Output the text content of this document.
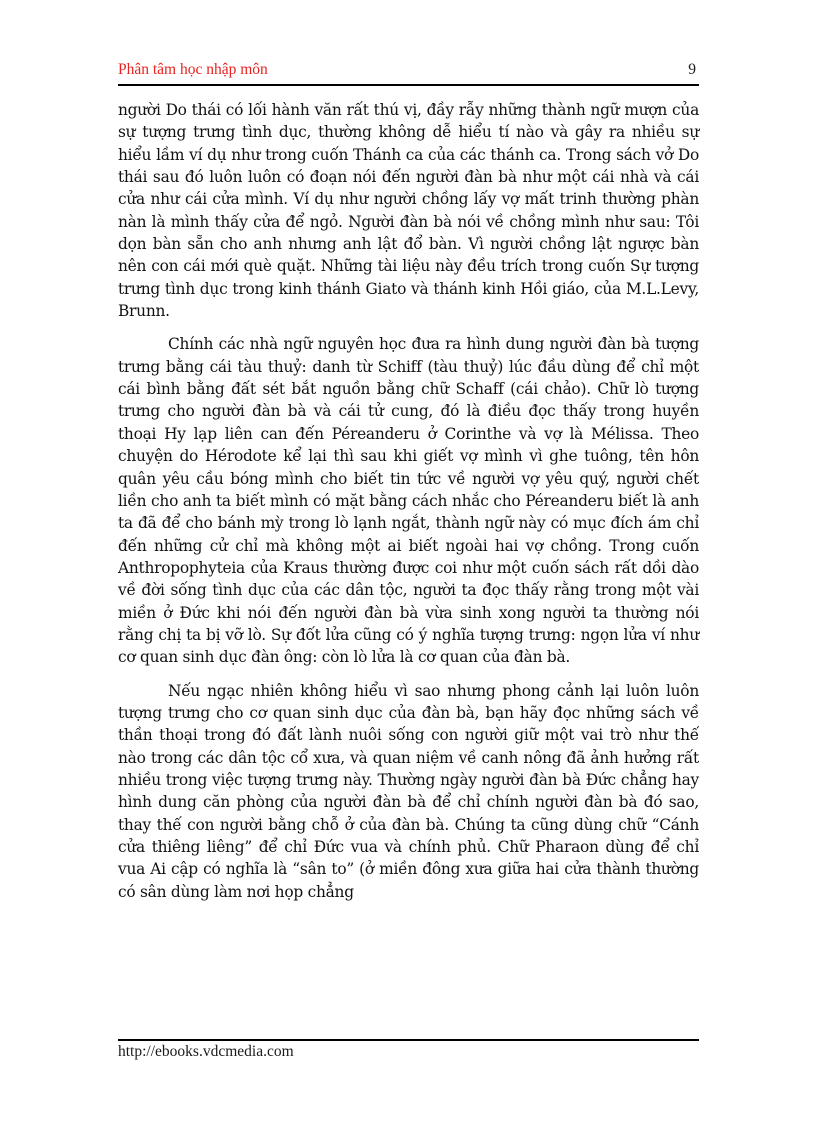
Phân tâm học nhập môn	9

người Do thái có lối hành văn rất thú vị, đầy rẫy những thành ngữ mượn của sự tượng trưng tình dục, thường không dễ hiểu tí nào và gây ra nhiều sự hiểu lầm ví dụ như trong cuốn Thánh ca của các thánh ca. Trong sách vở Do thái sau đó luôn luôn có đoạn nói đến người đàn bà như một cái nhà và cái cửa như cái cửa mình. Ví dụ như người chồng lấy vợ mất trinh thường phàn nàn là mình thấy cửa để ngỏ. Người đàn bà nói về chồng mình như sau: Tôi dọn bàn sẵn cho anh nhưng anh lật đổ bàn. Vì người chồng lật ngược bàn nên con cái mới què quặt. Những tài liệu này đều trích trong cuốn Sự tượng trưng tình dục trong kinh thánh Giato và thánh kinh Hồi giáo, của M.L.Levy, Brunn.

Chính các nhà ngữ nguyên học đưa ra hình dung người đàn bà tượng trưng bằng cái tàu thuỷ: danh từ Schiff (tàu thuỷ) lúc đầu dùng để chỉ một cái bình bằng đất sét bắt nguồn bằng chữ Schaff (cái chảo). Chữ lò tượng trưng cho người đàn bà và cái tử cung, đó là điều đọc thấy trong huyền thoại Hy lạp liên can đến Péreanderu ở Corinthe và vợ là Mélissa. Theo chuyện do Hérodote kể lại thì sau khi giết vợ mình vì ghe tuông, tên hôn quân yêu cầu bóng mình cho biết tin tức về người vợ yêu quý, người chết liền cho anh ta biết mình có mặt bằng cách nhắc cho Péreanderu biết là anh ta đã để cho bánh mỳ trong lò lạnh ngắt, thành ngữ này có mục đích ám chỉ đến những cử chỉ mà không một ai biết ngoài hai vợ chồng. Trong cuốn Anthropophyteia của Kraus thường được coi như một cuốn sách rất dồi dào về đời sống tình dục của các dân tộc, người ta đọc thấy rằng trong một vài miền ở Đức khi nói đến người đàn bà vừa sinh xong người ta thường nói rằng chị ta bị vỡ lò. Sự đốt lửa cũng có ý nghĩa tượng trưng: ngọn lửa ví như cơ quan sinh dục đàn ông: còn lò lửa là cơ quan của đàn bà.

Nếu ngạc nhiên không hiểu vì sao nhưng phong cảnh lại luôn luôn tượng trưng cho cơ quan sinh dục của đàn bà, bạn hãy đọc những sách về thần thoại trong đó đất lành nuôi sống con người giữ một vai trò như thế nào trong các dân tộc cổ xưa, và quan niệm về canh nông đã ảnh hưởng rất nhiều trong việc tượng trưng này. Thường ngày người đàn bà Đức chẳng hay hình dung căn phòng của người đàn bà để chỉ chính người đàn bà đó sao, thay thế con người bằng chỗ ở của đàn bà. Chúng ta cũng dùng chữ “Cánh cửa thiêng liêng” để chỉ Đức vua và chính phủ. Chữ Pharaon dùng để chỉ vua Ai cập có nghĩa là “sân to” (ở miền đông xưa giữa hai cửa thành thường có sân dùng làm nơi họp chẳng

http://ebooks.vdcmedia.com
